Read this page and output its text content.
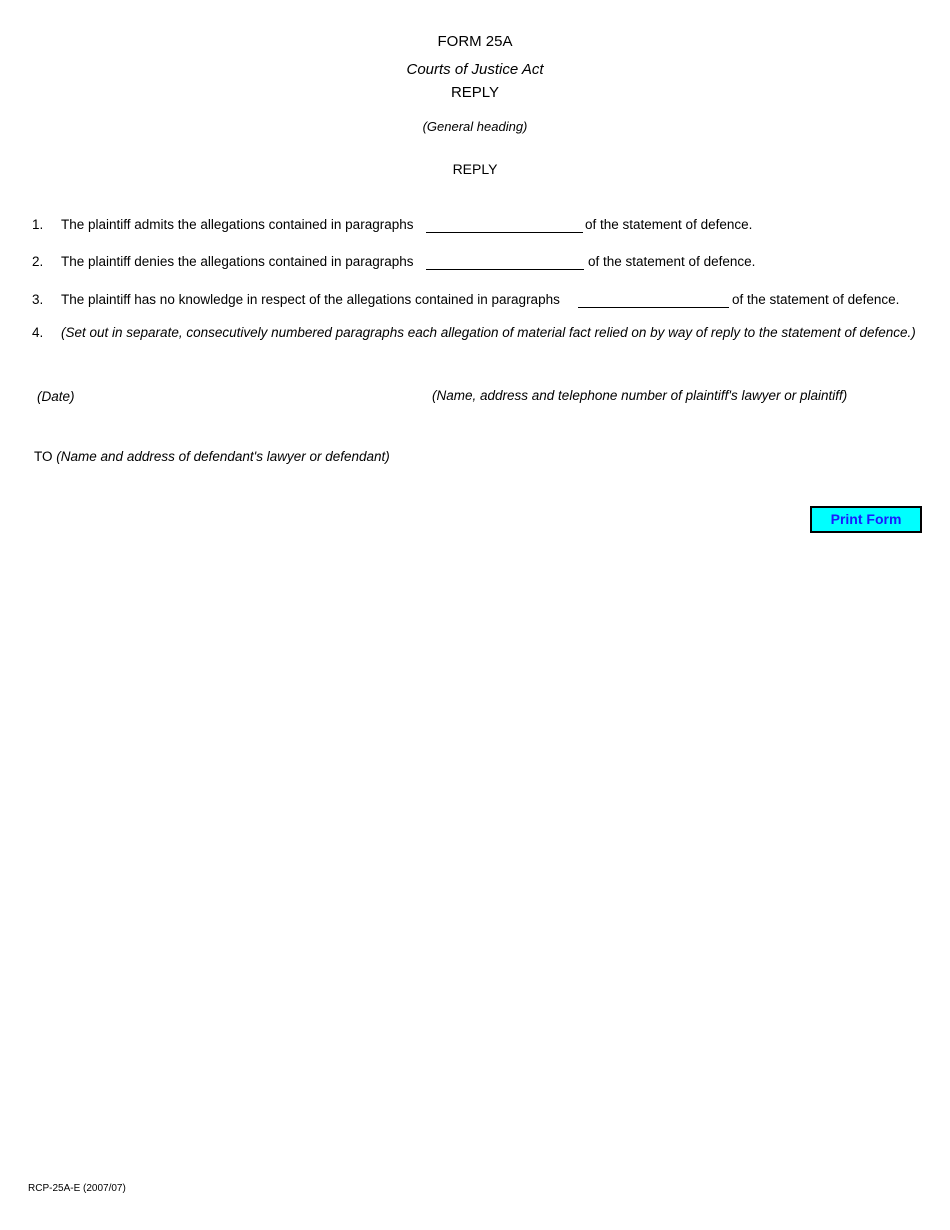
FORM 25A
Courts of Justice Act
REPLY
(General heading)
REPLY
1. The plaintiff admits the allegations contained in paragraphs	of the statement of defence.
2. The plaintiff denies the allegations contained in paragraphs	of the statement of defence.
3. The plaintiff has no knowledge in respect of the allegations contained in paragraphs	of the statement of defence.
4. (Set out in separate, consecutively numbered paragraphs each allegation of material fact relied on by way of reply to the statement of defence.)
(Date)	(Name, address and telephone number of plaintiff's lawyer or plaintiff)
TO (Name and address of defendant's lawyer or defendant)
Print Form
RCP-25A-E (2007/07)
